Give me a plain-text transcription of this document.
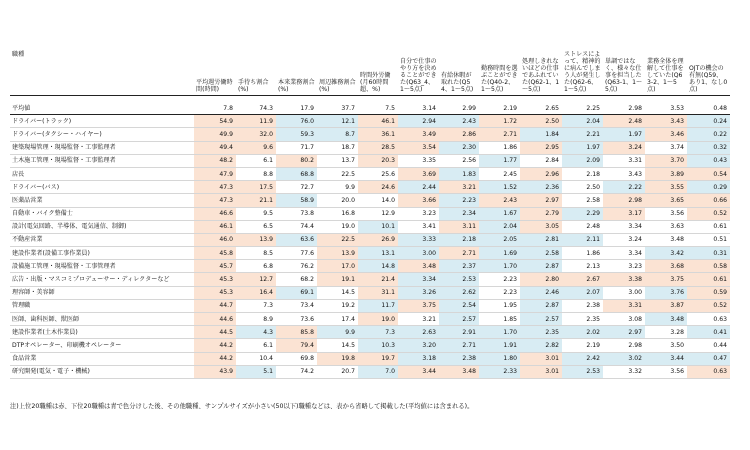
職種	平均週労働時間(時間)	手待ち割合(%)	本来業務割合(%)	周辺雑務割合(%)	時間外労働(月60時間超、%)	自分で仕事のやり方を決めることができた(Q63_4、1～5点)	有給休暇が取れた(Q54、1～5点)	勤務時間を選ぶことができた(Q40-2、1～5点)	処理しきれないほどの仕事であふれていた(Q62-1、1～5点)	ストレスによって、精神的に病んでしまう人が発生した(Q62-6、1～5点)	単調ではなく、様々な仕事を担当した(Q63-1、1～5点)	業務全体を理解して仕事をしていた(Q63-2、1～5点)	OJTの機会の有無(Q59、あり1、なし0点)

平均値	7.8	74.3	17.9	37.7	7.5	3.14	2.99	2.19	2.65	2.25	2.98	3.53	0.48
ドライバー(トラック)	54.9	11.9	76.0	12.1	46.1	2.94	2.43	1.72	2.50	2.04	2.48	3.43	0.24
ドライバー(タクシー・ハイヤー)	49.9	32.0	59.3	8.7	36.1	3.49	2.86	2.71	1.84	2.21	1.97	3.46	0.22
建築現場管理・現場監督・工事監理者	49.4	9.6	71.7	18.7	28.5	3.54	2.30	1.86	2.95	1.97	3.24	3.74	0.32
土木施工管理・現場監督・工事監理者	48.2	6.1	80.2	13.7	20.3	3.35	2.56	1.77	2.84	2.09	3.31	3.70	0.43
店長	47.9	8.8	68.8	22.5	25.6	3.69	1.83	2.45	2.96	2.18	3.43	3.89	0.54
ドライバー(バス)	47.3	17.5	72.7	9.9	24.6	2.44	3.21	1.52	2.36	2.50	2.22	3.55	0.29
医薬品営業	47.3	21.1	58.9	20.0	14.0	3.66	2.23	2.43	2.97	2.58	2.98	3.65	0.66
自動車・バイク整備士	46.6	9.5	73.8	16.8	12.9	3.23	2.34	1.67	2.79	2.29	3.17	3.56	0.52
設計(電気回路、半導体、電気通信、制御)	46.1	6.5	74.4	19.0	10.1	3.41	3.11	2.04	3.05	2.48	3.34	3.63	0.61
不動産営業	46.0	13.9	63.6	22.5	26.9	3.33	2.18	2.05	2.81	2.11	3.24	3.48	0.51
建設作業者(設備工事作業員)	45.8	8.5	77.6	13.9	13.1	3.00	2.71	1.69	2.58	1.86	3.34	3.42	0.31
設備施工管理・現場監督・工事管理者	45.7	6.8	76.2	17.0	14.8	3.48	2.37	1.70	2.87	2.13	3.23	3.68	0.58
広告・出版・マスコミプロデューサー・ディレクターなど	45.3	12.7	68.2	19.1	21.4	3.34	2.53	2.23	2.80	2.67	3.38	3.75	0.61
理容師・美容師	45.3	16.4	69.1	14.5	31.1	3.26	2.62	2.23	2.46	2.07	3.00	3.76	0.59
管理職	44.7	7.3	73.4	19.2	11.7	3.75	2.54	1.95	2.87	2.38	3.31	3.87	0.52
医師、歯科医師、獣医師	44.6	8.9	73.6	17.4	19.0	3.21	2.57	1.85	2.57	2.35	3.08	3.48	0.63
建設作業者(土木作業員)	44.5	4.3	85.8	9.9	7.3	2.63	2.91	1.70	2.35	2.02	2.97	3.28	0.41
DTPオペレーター、印刷機オペレーター	44.2	6.1	79.4	14.5	10.3	3.20	2.71	1.91	2.82	2.19	2.98	3.50	0.44
食品営業	44.2	10.4	69.8	19.8	19.7	3.18	2.38	1.80	3.01	2.42	3.02	3.44	0.47
研究開発(電気・電子・機械)	43.9	5.1	74.2	20.7	7.0	3.44	3.48	2.33	3.01	2.53	3.32	3.56	0.63
注)上位20職種は赤、下位20職種は青で色分けした後、その他職種、サンプルサイズが小さい(50以下)職種などは、表から省略して掲載した(平均値には含まれる)。
